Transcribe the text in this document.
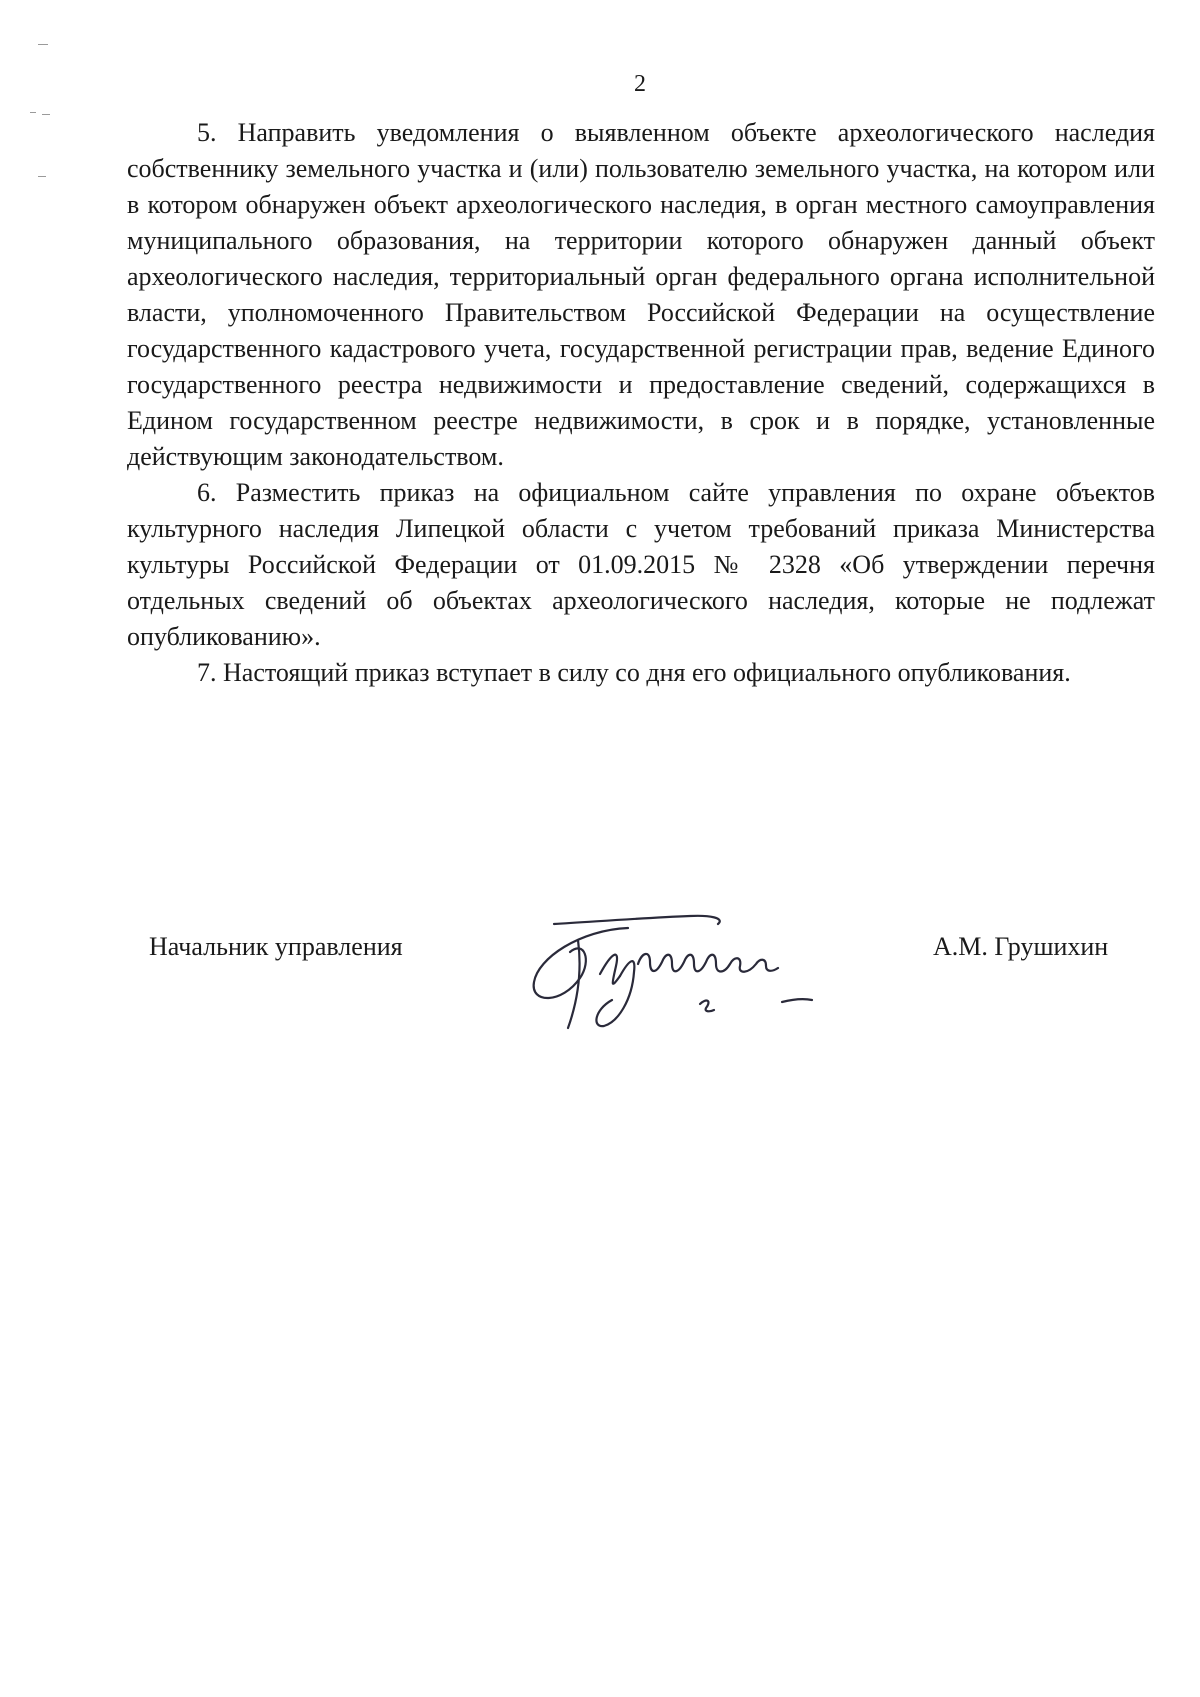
2

5. Направить уведомления о выявленном объекте археологического наследия собственнику земельного участка и (или) пользователю земельного участка, на котором или в котором обнаружен объект археологического наследия, в орган местного самоуправления муниципального образования, на территории которого обнаружен данный объект археологического наследия, территориальный орган федерального органа исполнительной власти, уполномоченного Правительством Российской Федерации на осуществление государственного кадастрового учета, государственной регистрации прав, ведение Единого государственного реестра недвижимости и предоставление сведений, содержащихся в Едином государственном реестре недвижимости, в срок и в порядке, установленные действующим законодательством.

6. Разместить приказ на официальном сайте управления по охране объектов культурного наследия Липецкой области с учетом требований приказа Министерства культуры Российской Федерации от 01.09.2015 № 2328 «Об утверждении перечня отдельных сведений об объектах археологического наследия, которые не подлежат опубликованию».

7. Настоящий приказ вступает в силу со дня его официального опубликования.

Начальник управления	А.М. Грушихин
